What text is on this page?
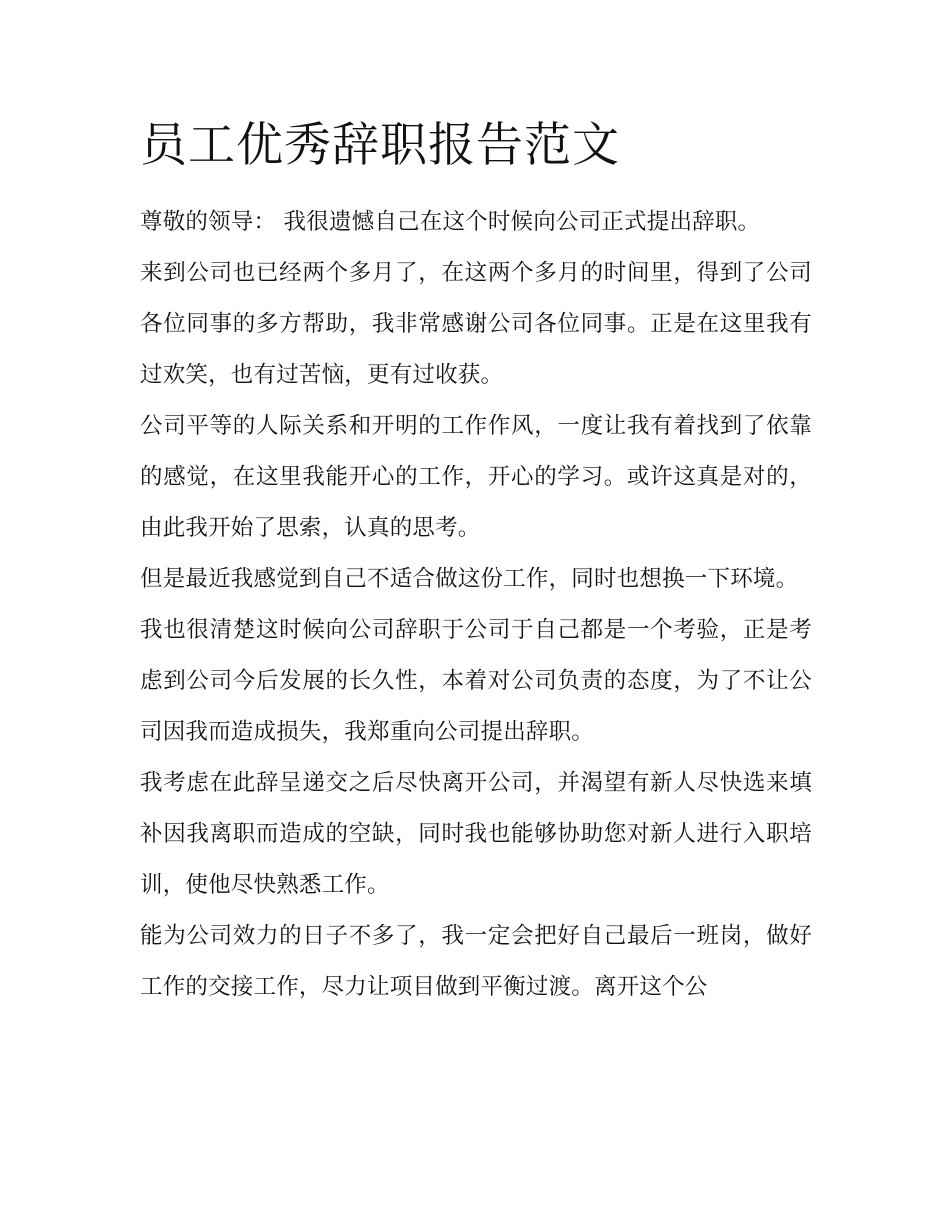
员工优秀辞职报告范文

尊敬的领导： 我很遗憾自己在这个时候向公司正式提出辞职。

来到公司也已经两个多月了，在这两个多月的时间里，得到了公司各位同事的多方帮助，我非常感谢公司各位同事。正是在这里我有过欢笑，也有过苦恼，更有过收获。

公司平等的人际关系和开明的工作作风，一度让我有着找到了依靠的感觉，在这里我能开心的工作，开心的学习。或许这真是对的，由此我开始了思索，认真的思考。

但是最近我感觉到自己不适合做这份工作，同时也想换一下环境。

我也很清楚这时候向公司辞职于公司于自己都是一个考验，正是考虑到公司今后发展的长久性，本着对公司负责的态度，为了不让公司因我而造成损失，我郑重向公司提出辞职。

我考虑在此辞呈递交之后尽快离开公司，并渴望有新人尽快选来填补因我离职而造成的空缺，同时我也能够协助您对新人进行入职培训，使他尽快熟悉工作。

能为公司效力的日子不多了，我一定会把好自己最后一班岗，做好工作的交接工作，尽力让项目做到平衡过渡。离开这个公
